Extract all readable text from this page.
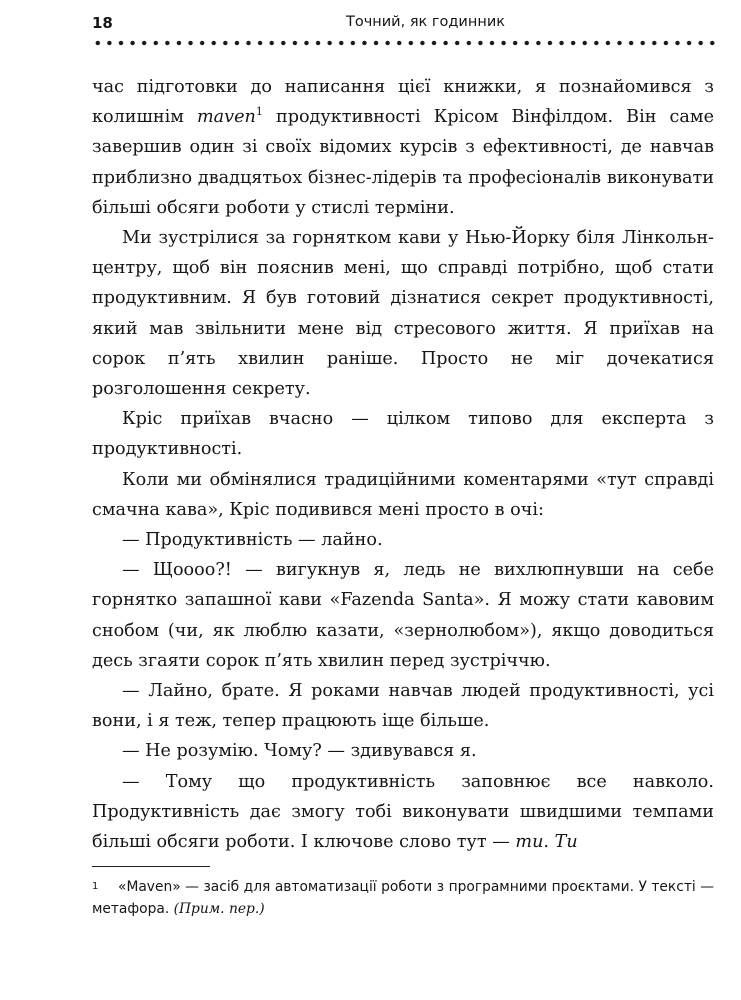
18	Точний, як годинник

час підготовки до написання цієї книжки, я познайомився з колишнім maven$^1$ продуктивності Крісом Вінфілдом. Він саме завершив один зі своїх відомих курсів з ефективності, де навчав приблизно двадцятьох бізнес-лідерів та професіоналів виконувати більші обсяги роботи у стислі терміни.

Ми зустрілися за горнятком кави у Нью-Йорку біля Лінкольн-центру, щоб він пояснив мені, що справді потрібно, щоб стати продуктивним. Я був готовий дізнатися секрет продуктивності, який мав звільнити мене від стресового життя. Я приїхав на сорок п’ять хвилин раніше. Просто не міг дочекатися розголошення секрету.

Кріс приїхав вчасно — цілком типово для експерта з продуктивності.

Коли ми обмінялися традиційними коментарями «тут справді смачна кава», Кріс подивився мені просто в очі:

— Продуктивність — лайно.

— Щоооо?! — вигукнув я, ледь не вихлюпнувши на себе горнятко запашної кави «Fazenda Santa». Я можу стати кавовим снобом (чи, як люблю казати, «зернолюбом»), якщо доводиться десь згаяти сорок п’ять хвилин перед зустріччю.

— Лайно, брате. Я роками навчав людей продуктивності, усі вони, і я теж, тепер працюють іще більше.

— Не розумію. Чому? — здивувався я.

— Тому що продуктивність заповнює все навколо. Продуктивність дає змогу тобі виконувати швидшими темпами більші обсяги роботи. І ключове слово тут — ти. Ти

1 «Maven» — засіб для автоматизації роботи з програмними проєктами. У тексті — метафора. (Прим. пер.)
